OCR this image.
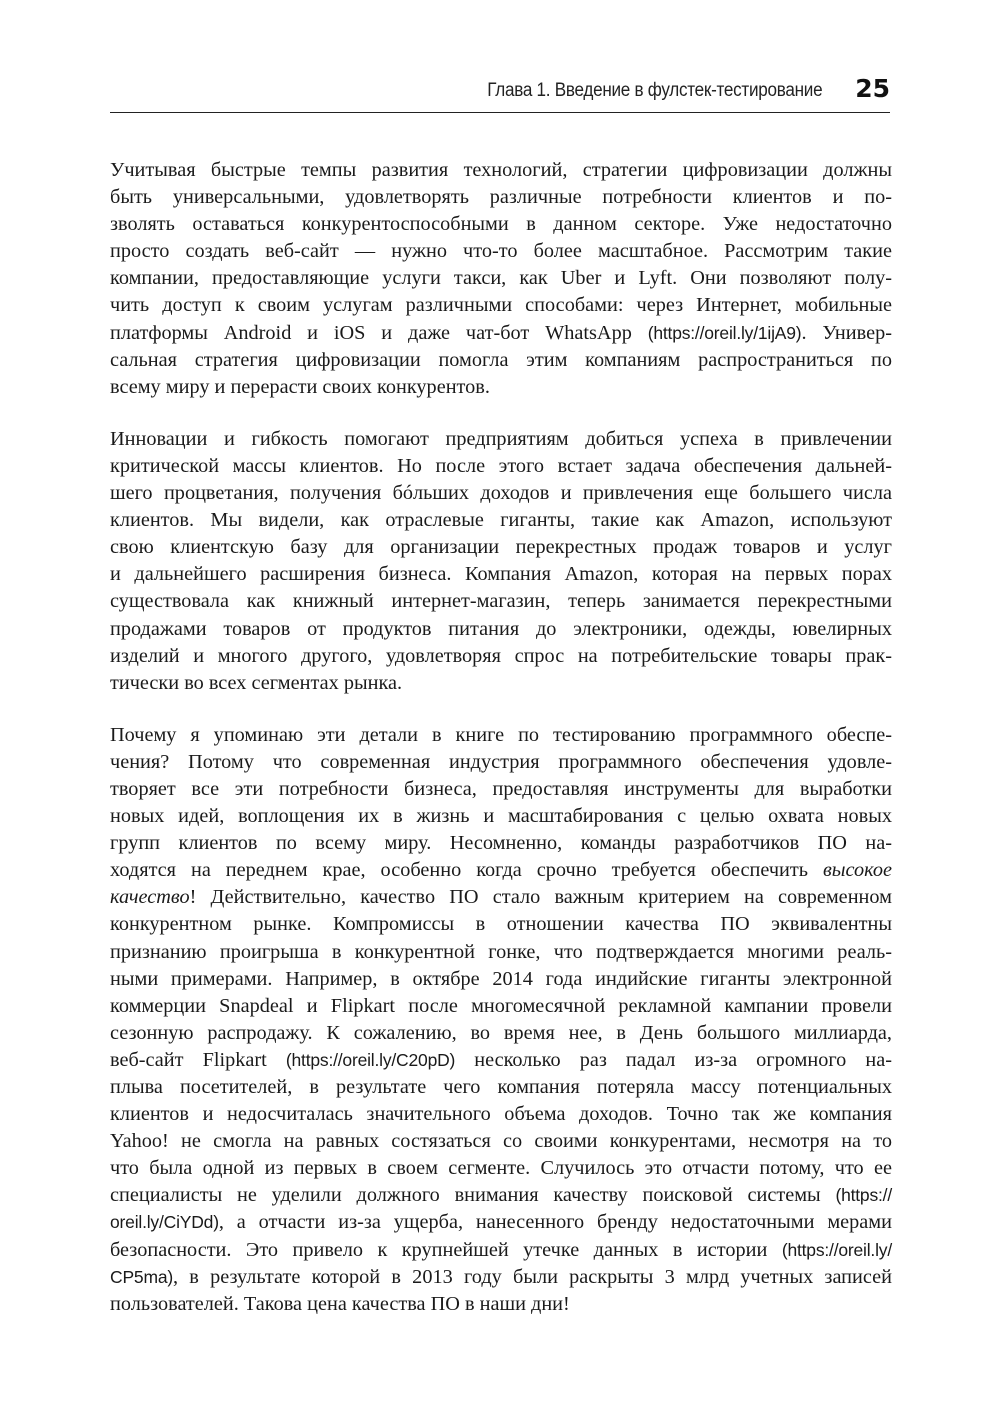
Глава 1. Введение в фулстек-тестирование 25

Учитывая быстрые темпы развития технологий, стратегии цифровизации должны
быть универсальными, удовлетворять различные потребности клиентов и по-
зволять оставаться конкурентоспособными в данном секторе. Уже недостаточно
просто создать веб-сайт — нужно что-то более масштабное. Рассмотрим такие
компании, предоставляющие услуги такси, как Uber и Lyft. Они позволяют полу-
чить доступ к своим услугам различными способами: через Интернет, мобильные
платформы Android и iOS и даже чат-бот WhatsApp (https://oreil.ly/1ijA9). Универ-
сальная стратегия цифровизации помогла этим компаниям распространиться по
всему миру и перерасти своих конкурентов.

Инновации и гибкость помогают предприятиям добиться успеха в привлечении
критической массы клиентов. Но после этого встает задача обеспечения дальней-
шего процветания, получения бóльших доходов и привлечения еще большего числа
клиентов. Мы видели, как отраслевые гиганты, такие как Amazon, используют
свою клиентскую базу для организации перекрестных продаж товаров и услуг
и дальнейшего расширения бизнеса. Компания Amazon, которая на первых порах
существовала как книжный интернет-магазин, теперь занимается перекрестными
продажами товаров от продуктов питания до электроники, одежды, ювелирных
изделий и многого другого, удовлетворяя спрос на потребительские товары прак-
тически во всех сегментах рынка.

Почему я упоминаю эти детали в книге по тестированию программного обеспе-
чения? Потому что современная индустрия программного обеспечения удовле-
творяет все эти потребности бизнеса, предоставляя инструменты для выработки
новых идей, воплощения их в жизнь и масштабирования с целью охвата новых
групп клиентов по всему миру. Несомненно, команды разработчиков ПО на-
ходятся на переднем крае, особенно когда срочно требуется обеспечить высокое
качество! Действительно, качество ПО стало важным критерием на современном
конкурентном рынке. Компромиссы в отношении качества ПО эквивалентны
признанию проигрыша в конкурентной гонке, что подтверждается многими реаль-
ными примерами. Например, в октябре 2014 года индийские гиганты электронной
коммерции Snapdeal и Flipkart после многомесячной рекламной кампании провели
сезонную распродажу. К сожалению, во время нее, в День большого миллиарда,
веб-сайт Flipkart (https://oreil.ly/C20pD) несколько раз падал из-за огромного на-
плыва посетителей, в результате чего компания потеряла массу потенциальных
клиентов и недосчиталась значительного объема доходов. Точно так же компания
Yahoo! не смогла на равных состязаться со своими конкурентами, несмотря на то
что была одной из первых в своем сегменте. Случилось это отчасти потому, что ее
специалисты не уделили должного внимания качеству поисковой системы (https://
oreil.ly/CiYDd), а отчасти из-за ущерба, нанесенного бренду недостаточными мерами
безопасности. Это привело к крупнейшей утечке данных в истории (https://oreil.ly/
CP5ma), в результате которой в 2013 году были раскрыты 3 млрд учетных записей
пользователей. Такова цена качества ПО в наши дни!
